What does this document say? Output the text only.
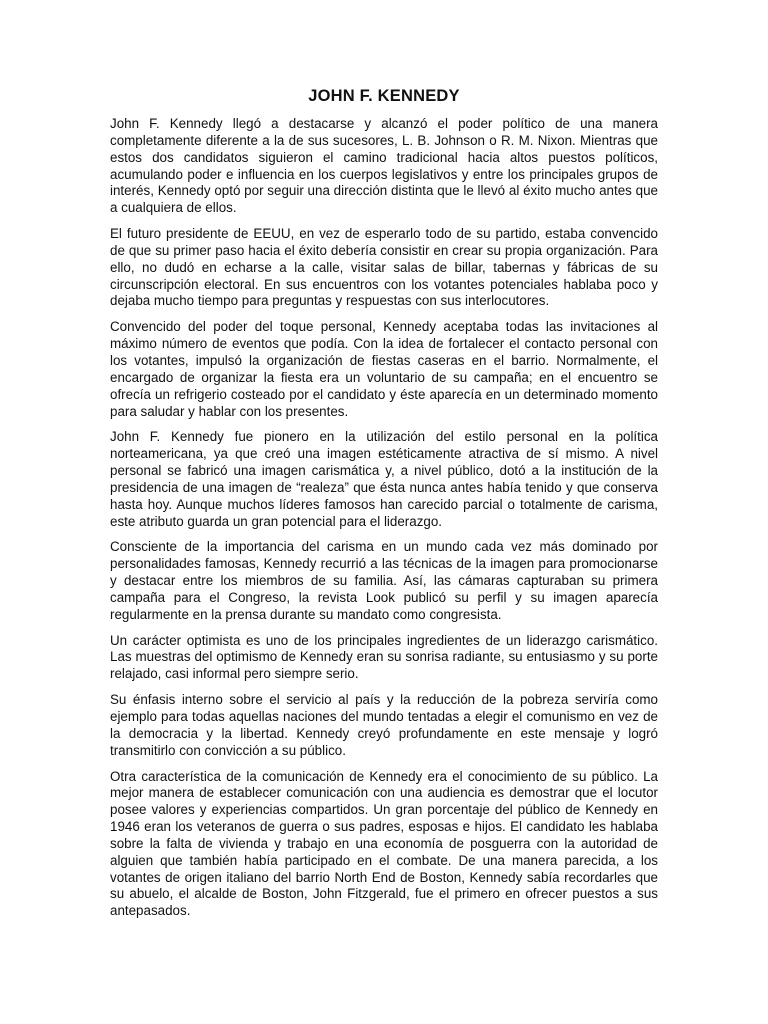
JOHN F. KENNEDY

John F. Kennedy llegó a destacarse y alcanzó el poder político de una manera completamente diferente a la de sus sucesores, L. B. Johnson o R. M. Nixon. Mientras que estos dos candidatos siguieron el camino tradicional hacia altos puestos políticos, acumulando poder e influencia en los cuerpos legislativos y entre los principales grupos de interés, Kennedy optó por seguir una dirección distinta que le llevó al éxito mucho antes que a cualquiera de ellos.

El futuro presidente de EEUU, en vez de esperarlo todo de su partido, estaba convencido de que su primer paso hacia el éxito debería consistir en crear su propia organización. Para ello, no dudó en echarse a la calle, visitar salas de billar, tabernas y fábricas de su circunscripción electoral. En sus encuentros con los votantes potenciales hablaba poco y dejaba mucho tiempo para preguntas y respuestas con sus interlocutores.

Convencido del poder del toque personal, Kennedy aceptaba todas las invitaciones al máximo número de eventos que podía. Con la idea de fortalecer el contacto personal con los votantes, impulsó la organización de fiestas caseras en el barrio. Normalmente, el encargado de organizar la fiesta era un voluntario de su campaña; en el encuentro se ofrecía un refrigerio costeado por el candidato y éste aparecía en un determinado momento para saludar y hablar con los presentes.

John F. Kennedy fue pionero en la utilización del estilo personal en la política norteamericana, ya que creó una imagen estéticamente atractiva de sí mismo. A nivel personal se fabricó una imagen carismática y, a nivel público, dotó a la institución de la presidencia de una imagen de “realeza” que ésta nunca antes había tenido y que conserva hasta hoy. Aunque muchos líderes famosos han carecido parcial o totalmente de carisma, este atributo guarda un gran potencial para el liderazgo.

Consciente de la importancia del carisma en un mundo cada vez más dominado por personalidades famosas, Kennedy recurrió a las técnicas de la imagen para promocionarse y destacar entre los miembros de su familia. Así, las cámaras capturaban su primera campaña para el Congreso, la revista Look publicó su perfil y su imagen aparecía regularmente en la prensa durante su mandato como congresista.

Un carácter optimista es uno de los principales ingredientes de un liderazgo carismático. Las muestras del optimismo de Kennedy eran su sonrisa radiante, su entusiasmo y su porte relajado, casi informal pero siempre serio.

Su énfasis interno sobre el servicio al país y la reducción de la pobreza serviría como ejemplo para todas aquellas naciones del mundo tentadas a elegir el comunismo en vez de la democracia y la libertad. Kennedy creyó profundamente en este mensaje y logró transmitirlo con convicción a su público.

Otra característica de la comunicación de Kennedy era el conocimiento de su público. La mejor manera de establecer comunicación con una audiencia es demostrar que el locutor posee valores y experiencias compartidos. Un gran porcentaje del público de Kennedy en 1946 eran los veteranos de guerra o sus padres, esposas e hijos. El candidato les hablaba sobre la falta de vivienda y trabajo en una economía de posguerra con la autoridad de alguien que también había participado en el combate. De una manera parecida, a los votantes de origen italiano del barrio North End de Boston, Kennedy sabía recordarles que su abuelo, el alcalde de Boston, John Fitzgerald, fue el primero en ofrecer puestos a sus antepasados.
